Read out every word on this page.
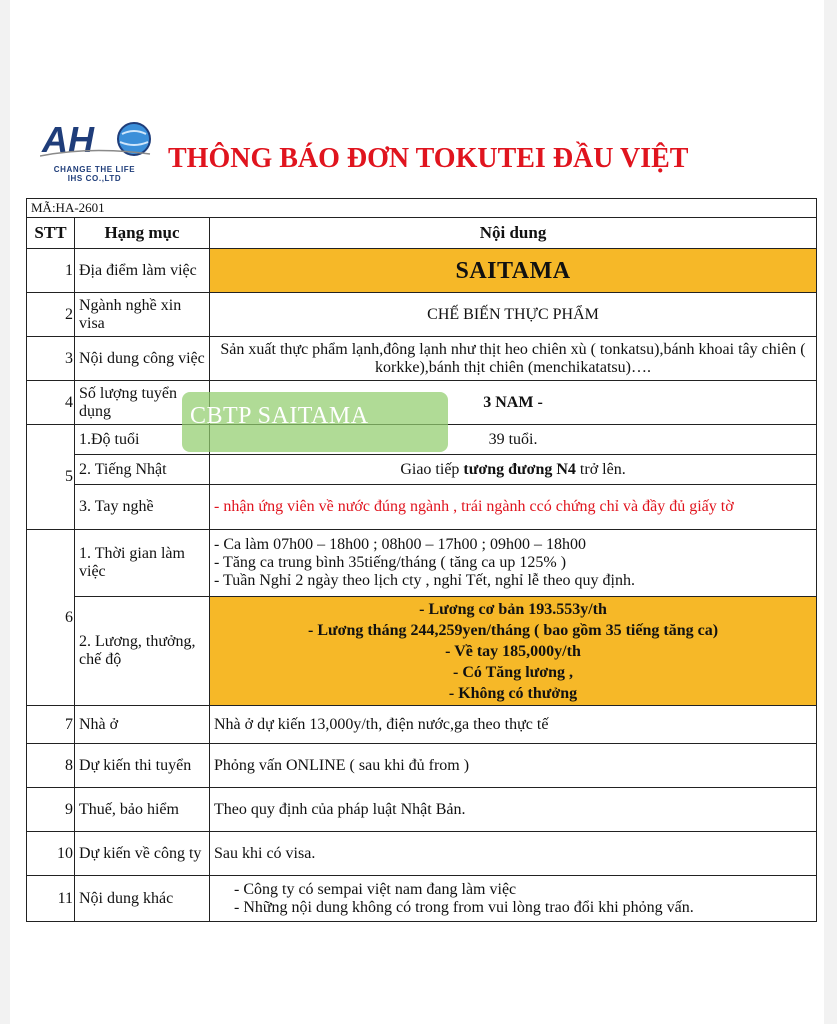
AH
CHANGE THE LIFE
IHS CO.,LTD
THÔNG BÁO ĐƠN TOKUTEI ĐẦU VIỆT
MÃ:HA-2601		
STT	Hạng mục	Nội dung
1	Địa điểm làm việc	SAITAMA
2	Ngành nghề xin visa	CHẾ BIẾN THỰC PHẨM
3	Nội dung công việc	Sản xuất thực phẩm lạnh,đông lạnh như thịt heo chiên xù ( tonkatsu),bánh khoai tây chiên ( korkke),bánh thịt chiên (menchikatatsu)….
4	Số lượng tuyển dụng	3 NAM -
5	1.Độ tuổi	39 tuổi.
	2. Tiếng Nhật	Giao tiếp tương đương N4 trở lên.
	3. Tay nghề	- nhận ứng viên về nước đúng ngành , trái ngành ccó chứng chỉ và đầy đủ giấy tờ
6	1. Thời gian làm việc	- Ca làm 07h00 – 18h00 ; 08h00 – 17h00 ; 09h00 – 18h00
- Tăng ca trung bình 35tiếng/tháng ( tăng ca up 125% )
- Tuần Nghỉ 2 ngày theo lịch cty , nghỉ Tết, nghỉ lễ theo quy định.

	2. Lương, thưởng, chế độ	- Lương cơ bản 193.553y/th
- Lương tháng 244,259yen/tháng ( bao gồm 35 tiếng tăng ca)
- Về tay 185,000y/th
- Có Tăng lương ,
- Không có thưởng

7	Nhà ở	Nhà ở dự kiến 13,000y/th, điện nước,ga theo thực tế
8	Dự kiến thi tuyển	Phỏng vấn ONLINE ( sau khi đủ from )
9	Thuế, bảo hiểm	Theo quy định của pháp luật Nhật Bản.
10	Dự kiến về công ty	Sau khi có visa.
11	Nội dung khác	- Công ty có sempai việt nam đang làm việc
- Những nội dung không có trong from vui lòng trao đổi khi phỏng vấn.
CBTP SAITAMA
